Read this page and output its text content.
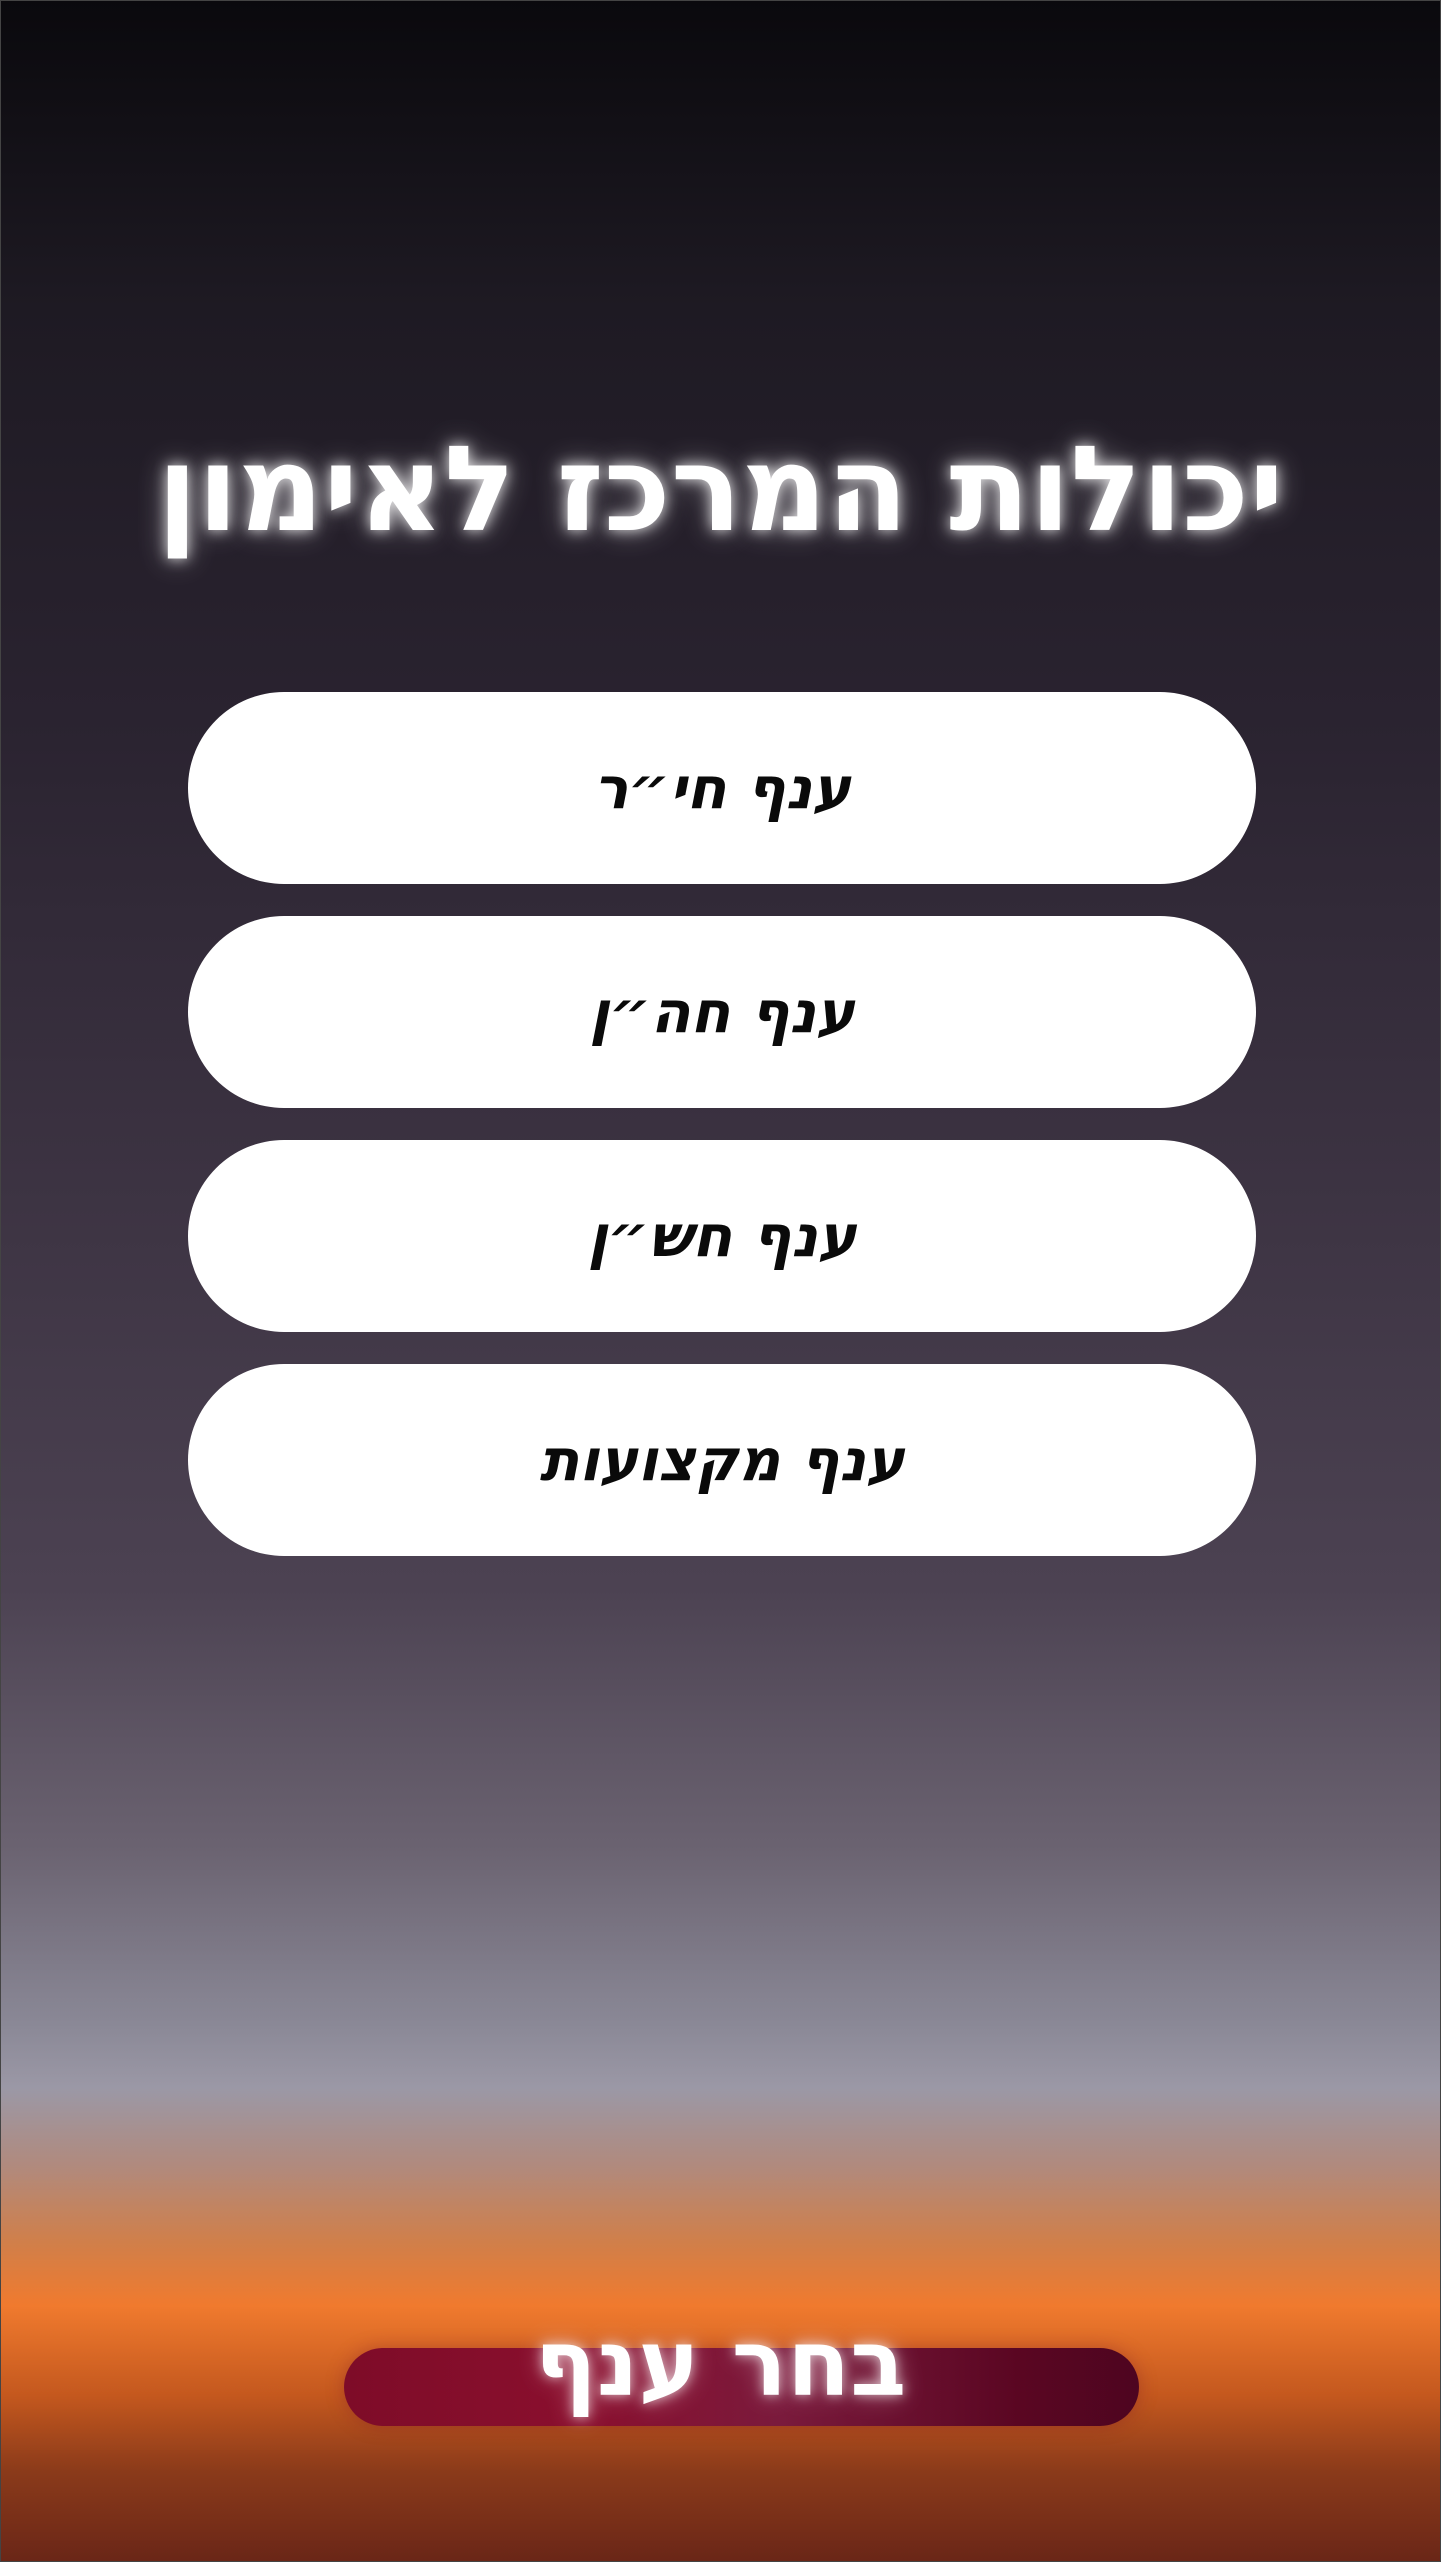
יכולות המרכז לאימון
ענף חי״ר
ענף חה״ן
ענף חש״ן
ענף מקצועות
בחר ענף
